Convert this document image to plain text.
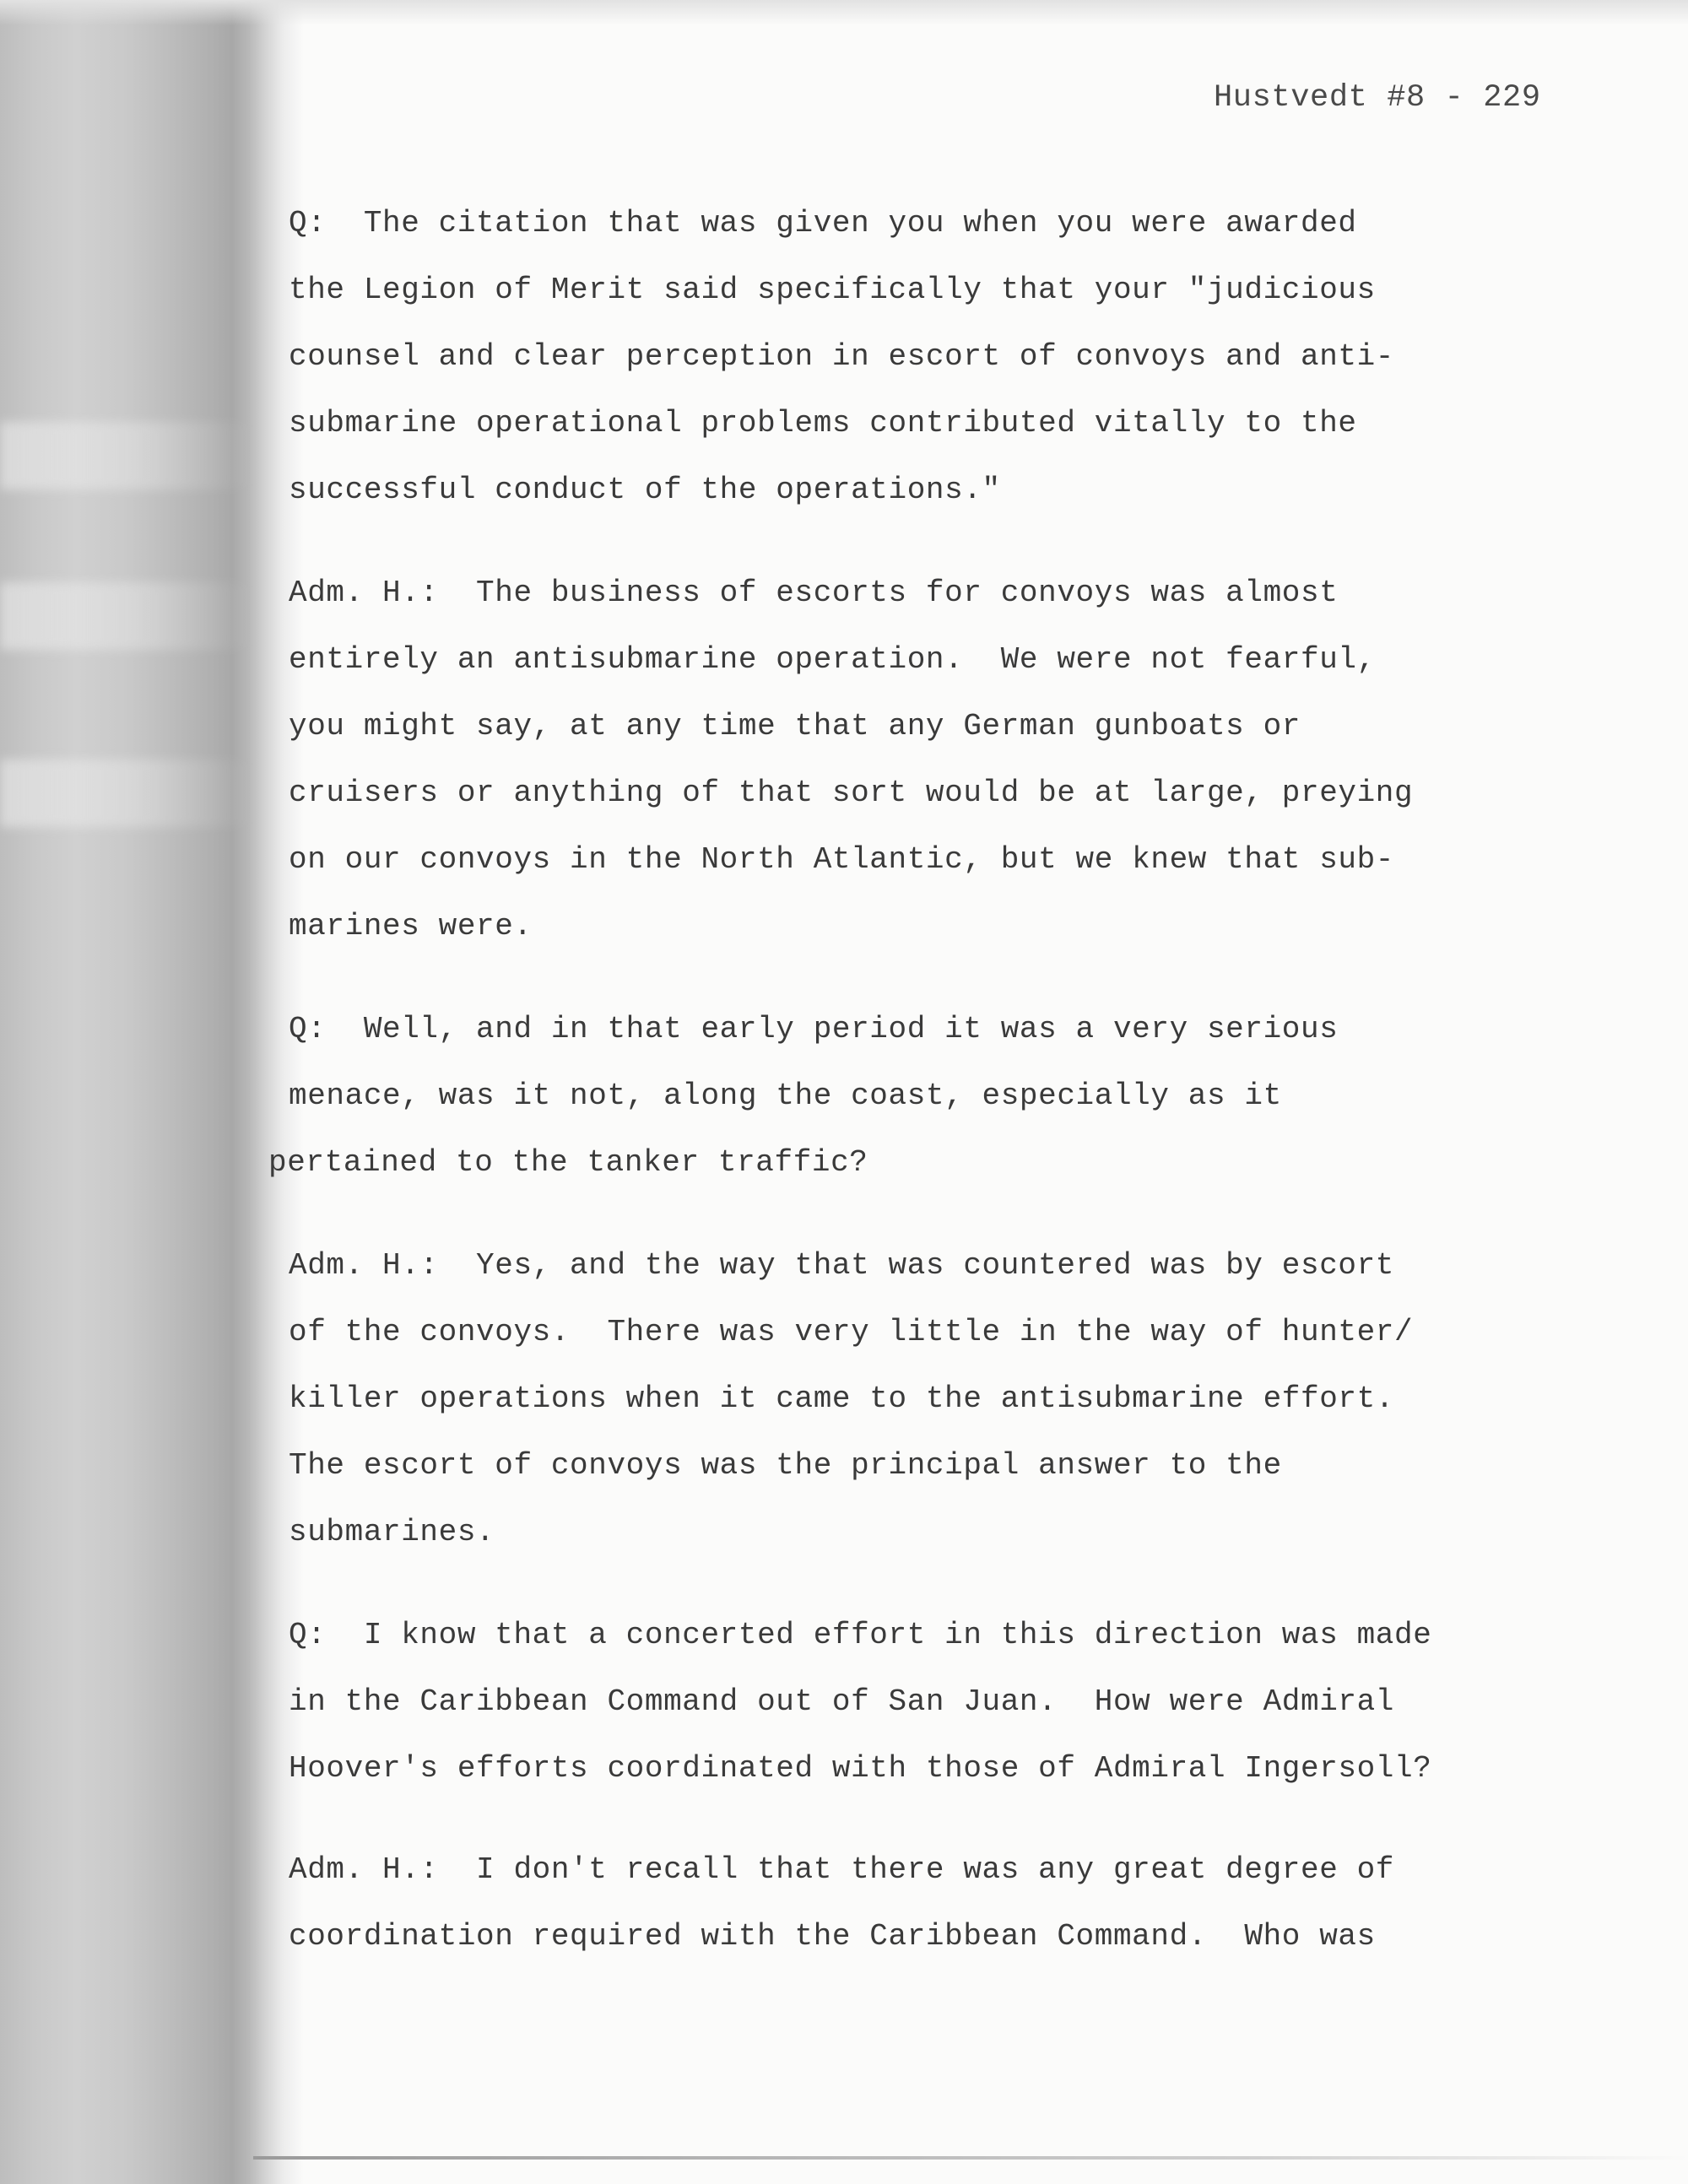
Hustvedt #8 - 229
Q:  The citation that was given you when you were awarded
the Legion of Merit said specifically that your "judicious
counsel and clear perception in escort of convoys and anti-
submarine operational problems contributed vitally to the
successful conduct of the operations."
Adm. H.:  The business of escorts for convoys was almost
entirely an antisubmarine operation.  We were not fearful,
you might say, at any time that any German gunboats or
cruisers or anything of that sort would be at large, preying
on our convoys in the North Atlantic, but we knew that sub-
marines were.
Q:  Well, and in that early period it was a very serious
menace, was it not, along the coast, especially as it
pertained to the tanker traffic?
Adm. H.:  Yes, and the way that was countered was by escort
of the convoys.  There was very little in the way of hunter/
killer operations when it came to the antisubmarine effort.
The escort of convoys was the principal answer to the
submarines.
Q:  I know that a concerted effort in this direction was made
in the Caribbean Command out of San Juan.  How were Admiral
Hoover's efforts coordinated with those of Admiral Ingersoll?
Adm. H.:  I don't recall that there was any great degree of
coordination required with the Caribbean Command.  Who was
